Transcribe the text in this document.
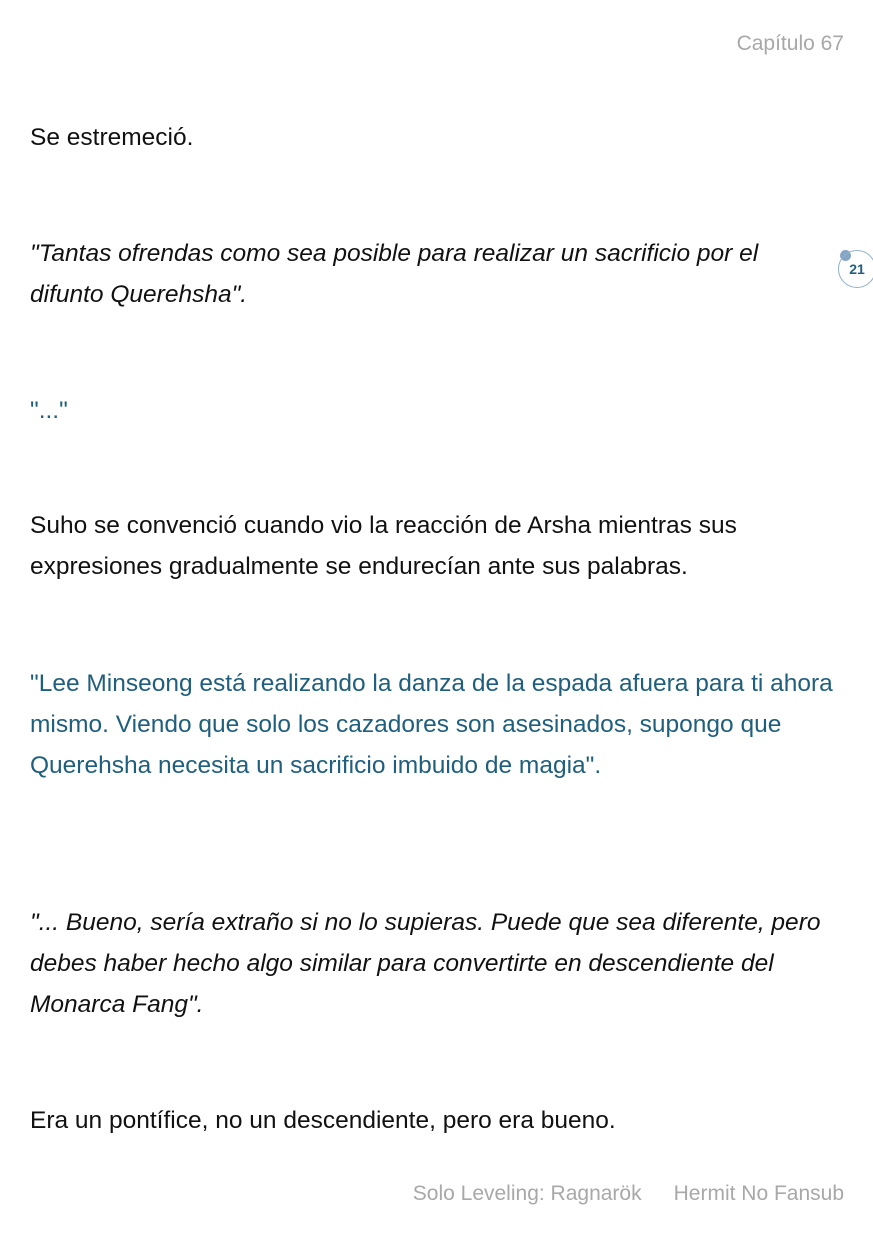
Capítulo 67

Se estremeció.

"Tantas ofrendas como sea posible para realizar un sacrificio por el difunto Querehsha".

21

"..."

Suho se convenció cuando vio la reacción de Arsha mientras sus expresiones gradualmente se endurecían ante sus palabras.

"Lee Minseong está realizando la danza de la espada afuera para ti ahora mismo. Viendo que solo los cazadores son asesinados, supongo que Querehsha necesita un sacrificio imbuido de magia".

"... Bueno, sería extraño si no lo supieras. Puede que sea diferente, pero debes haber hecho algo similar para convertirte en descendiente del Monarca Fang".

Era un pontífice, no un descendiente, pero era bueno.

Solo Leveling: Ragnarök Hermit No Fansub
